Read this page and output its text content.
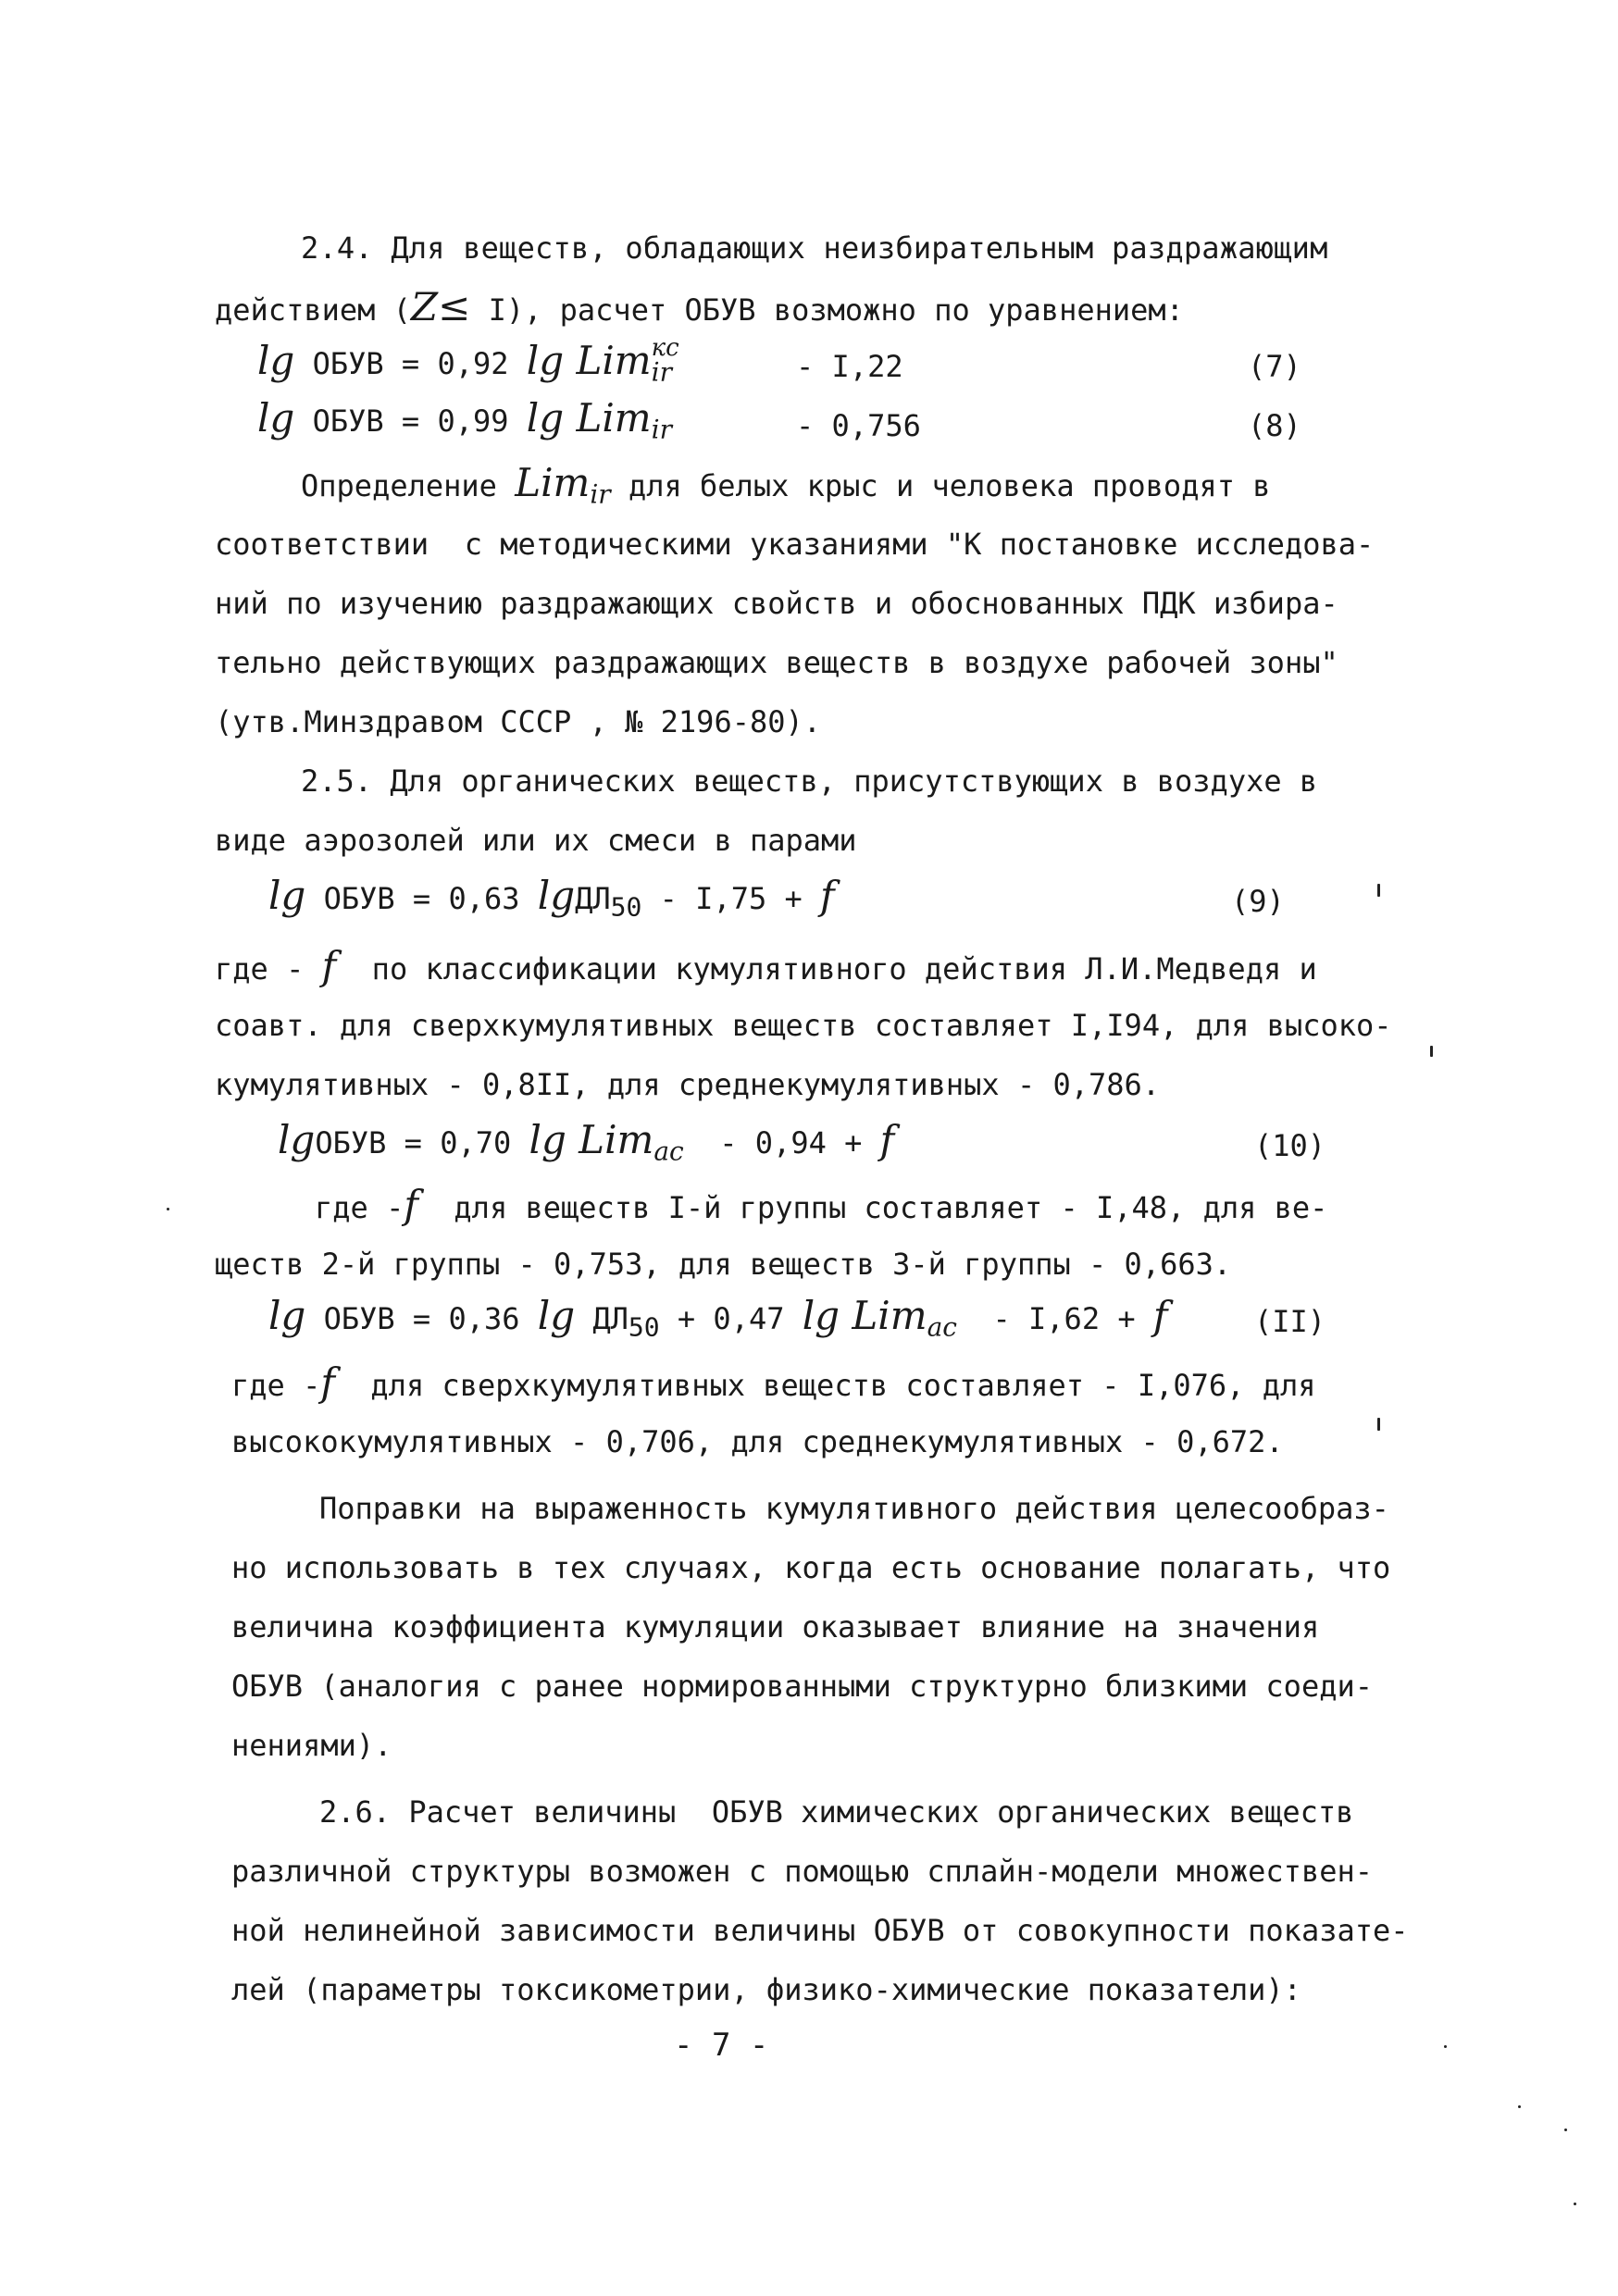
2.4. Для веществ, обладающих неизбирательным раздражающим
действием (Z≤ I), расчет ОБУВ возможно по уравнением:
lg ОБУВ = 0,92 lg Lim$_{ir}$
кс
- I,22	(7)
lg ОБУВ = 0,99 lg Lim$_{ir}$	- 0,756	(8)
Определение Lim$_{ir}$ для белых крыс и человека проводят в
соответствии  с методическими указаниями "К постановке исследова-
ний по изучению раздражающих свойств и обоснованных ПДК избира-
тельно действующих раздражающих веществ в воздухе рабочей зоны"
(утв.Минздравом СССР , № 2196-80).
2.5. Для органических веществ, присутствующих в воздухе в
виде аэрозолей или их смеси в парами
lg ОБУВ = 0,63 lgДЛ$_{50}$ - I,75 + f	(9)
где - f  по классификации кумулятивного действия Л.И.Медведя и
соавт. для сверхкумулятивных веществ составляет I,I94, для высоко-
кумулятивных - 0,8II, для среднекумулятивных - 0,786.
lgОБУВ = 0,70 lg Lim$_{ac}$ - 0,94 + f	(10)
где -f  для веществ I-й группы составляет - I,48, для ве-
ществ 2-й группы - 0,753, для веществ 3-й группы - 0,663.
lg ОБУВ = 0,36 $\lg ДЛ_{50} + 0,47$ lg Lim$_{ac}$ - I,62 + f	(II)
где -f  для сверхкумулятивных веществ составляет - I,076, для
высококумулятивных - 0,706, для среднекумулятивных - 0,672.
Поправки на выраженность кумулятивного действия целесообраз-
но использовать в тех случаях, когда есть основание полагать, что
величина коэффициента кумуляции оказывает влияние на значения
ОБУВ (аналогия с ранее нормированными структурно близкими соеди-
нениями).
2.6. Расчет величины  ОБУВ химических органических веществ
различной структуры возможен с помощью сплайн-модели множествен-
ной нелинейной зависимости величины ОБУВ от совокупности показате-
лей (параметры токсикометрии, физико-химические показатели):
- 7 -
